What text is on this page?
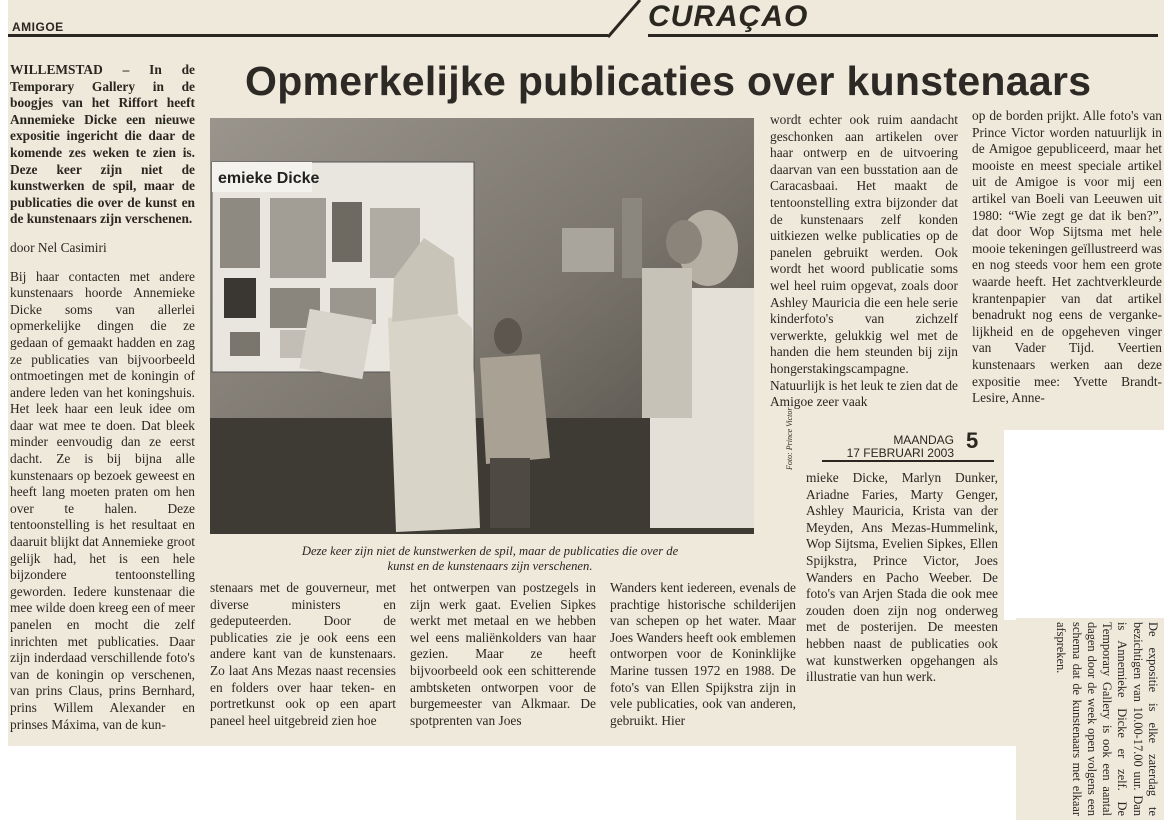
AMIGOE	CURAÇAO
Opmerkelijke publicaties over kunstenaars

WILLEMSTAD – In de Temporary Gallery in de boogjes van het Riffort heeft Annemieke Dicke een nieuwe expositie ingericht die daar de komende zes weken te zien is. Deze keer zijn niet de kunstwerken de spil, maar de publicaties die over de kunst en de kunstenaars zijn verschenen.

door Nel Casimiri

Bij haar contacten met andere kunstenaars hoorde Annemieke Dicke soms van allerlei opmerkelijke dingen die ze gedaan of gemaakt hadden en zag ze publicaties van bijvoorbeeld ontmoetingen met de koningin of andere leden van het koningshuis. Het leek haar een leuk idee om daar wat mee te doen. Dat bleek minder eenvoudig dan ze eerst dacht. Ze is bij bijna alle kunstenaars op bezoek geweest en heeft lang moeten praten om hen over te halen. Deze tentoonstelling is het resultaat en daaruit blijkt dat Annemieke groot gelijk had, het is een hele bijzondere tentoonstelling geworden. Iedere kunstenaar die mee wilde doen kreeg een of meer panelen en mocht die zelf inrichten met publicaties. Daar zijn inderdaad verschillende foto's van de koningin op verschenen, van prins Claus, prins Bernhard, prins Willem Alexander en prinses Máxima, van de kun-

emieke Dicke
Foto: Prince Victor
Deze keer zijn niet de kunstwerken de spil, maar de publicaties die over de kunst en de kunstenaars zijn verschenen.
stenaars met de gouverneur, met diverse ministers en gedeputeerden. Door de publicaties zie je ook eens een andere kant van de kunstenaars. Zo laat Ans Mezas naast recensies en folders over haar teken- en portretkunst ook op een apart paneel heel uitgebreid zien hoe
het ontwerpen van postzegels in zijn werk gaat. Evelien Sipkes werkt met metaal en we hebben wel eens maliënkolders van haar gezien. Maar ze heeft bijvoorbeeld ook een schitterende ambtsketen ontworpen voor de burgemeester van Alkmaar. De spotprenten van Joes
Wanders kent iedereen, evenals de prachtige historische schilderijen van schepen op het water. Maar Joes Wanders heeft ook emblemen ontworpen voor de Koninklijke Marine tussen 1972 en 1988. De foto's van Ellen Spijkstra zijn in vele publicaties, ook van anderen, gebruikt. Hier
wordt echter ook ruim aandacht geschonken aan artikelen over haar ontwerp en de uitvoering daarvan van een busstation aan de Caracasbaai. Het maakt de tentoonstelling extra bijzonder dat de kunstenaars zelf konden uitkiezen welke publicaties op de panelen gebruikt werden. Ook wordt het woord publicatie soms wel heel ruim opgevat, zoals door Ashley Mauricia die een hele serie kinderfoto's van zichzelf verwerkte, gelukkig wel met de handen die hem steunden bij zijn hongerstakingscampagne. Natuurlijk is het leuk te zien dat de Amigoe zeer vaak
op de borden prijkt. Alle foto's van Prince Victor worden natuurlijk in de Amigoe gepubliceerd, maar het mooiste en meest speciale artikel uit de Amigoe is voor mij een artikel van Boeli van Leeuwen uit 1980: “Wie zegt ge dat ik ben?”, dat door Wop Sijtsma met hele mooie tekeningen geïllustreerd was en nog steeds voor hem een grote waarde heeft. Het zachtverkleurde krantenpapier van dat artikel benadrukt nog eens de vergankelijkheid en de opgeheven vinger van Vader Tijd. Veertien kunstenaars werken aan deze expositie mee: Yvette Brandt-Lesire, Anne-
MAANDAG
17 FEBRUARI 2003 5
mieke Dicke, Marlyn Dunker, Ariadne Faries, Marty Genger, Ashley Mauricia, Krista van der Meyden, Ans Mezas-Hummelink, Wop Sijtsma, Evelien Sipkes, Ellen Spijkstra, Prince Victor, Joes Wanders en Pacho Weeber. De foto's van Arjen Stada die ook mee zouden doen zijn nog onderweg met de posterijen. De meesten hebben naast de publicaties ook wat kunstwerken opgehangen als illustratie van hun werk.	De expositie is elke zaterdag te bezichtigen van 10.00-17.00 uur. Dan is Annemieke Dicke er zelf. De Temporary Gallery is ook een aantal dagen door de week open volgens een schema dat de kunstenaars met elkaar afspreken.
